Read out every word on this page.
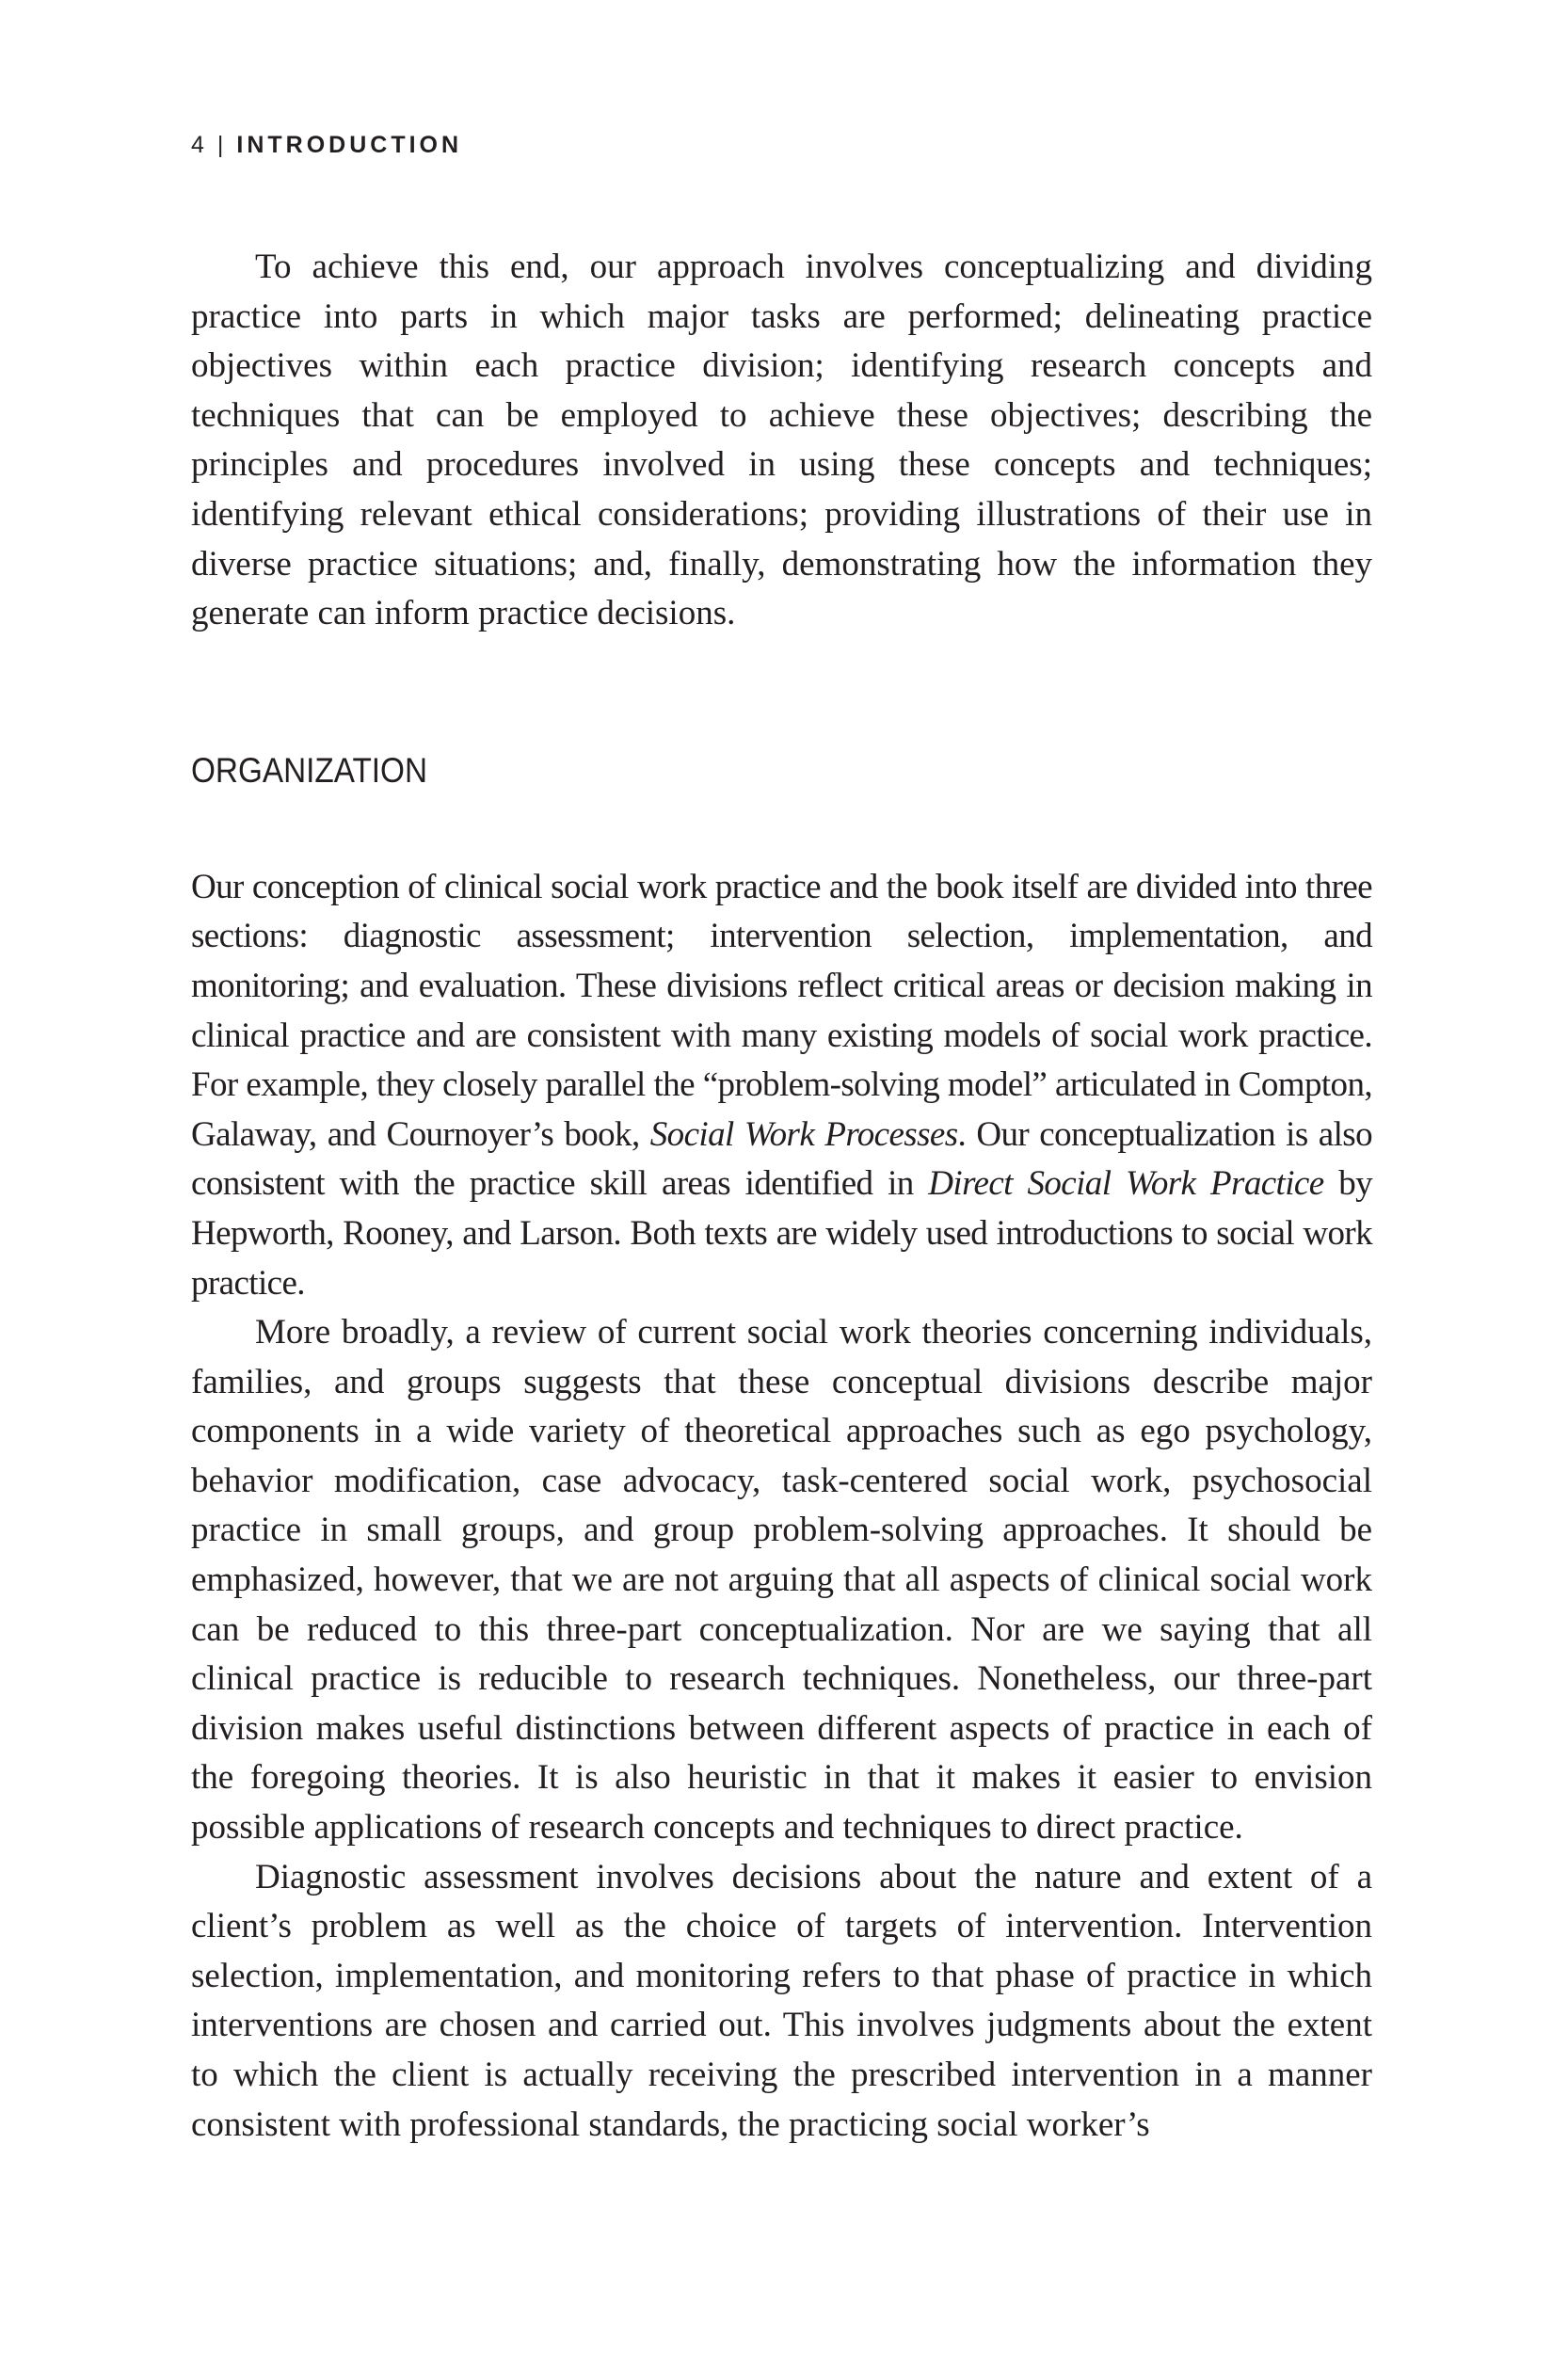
4 | INTRODUCTION

To achieve this end, our approach involves conceptualizing and dividing practice into parts in which major tasks are performed; delineating practice objectives within each practice division; identifying research concepts and techniques that can be employed to achieve these objectives; describing the principles and procedures involved in using these concepts and techniques; identifying relevant ethical considerations; providing illustrations of their use in diverse practice situations; and, finally, demonstrating how the information they generate can inform practice decisions.

ORGANIZATION

Our conception of clinical social work practice and the book itself are divided into three sections: diagnostic assessment; intervention selection, implementation, and monitoring; and evaluation. These divisions reflect critical areas or decision making in clinical practice and are consistent with many existing models of social work practice. For example, they closely parallel the “problem-solving model” articulated in Compton, Galaway, and Cournoyer’s book, Social Work Processes. Our conceptualization is also consistent with the practice skill areas identified in Direct Social Work Practice by Hepworth, Rooney, and Larson. Both texts are widely used introductions to social work practice.

More broadly, a review of current social work theories concerning individuals, families, and groups suggests that these conceptual divisions describe major components in a wide variety of theoretical approaches such as ego psychology, behavior modification, case advocacy, task-centered social work, psychosocial practice in small groups, and group problem-solving approaches. It should be emphasized, however, that we are not arguing that all aspects of clinical social work can be reduced to this three-part conceptualization. Nor are we saying that all clinical practice is reducible to research techniques. Nonetheless, our three-part division makes useful distinctions between different aspects of practice in each of the foregoing theories. It is also heuristic in that it makes it easier to envision possible applications of research concepts and techniques to direct practice.

Diagnostic assessment involves decisions about the nature and extent of a client’s problem as well as the choice of targets of intervention. Intervention selection, implementation, and monitoring refers to that phase of practice in which interventions are chosen and carried out. This involves judgments about the extent to which the client is actually receiving the prescribed intervention in a manner consistent with professional standards, the practicing social worker’s
